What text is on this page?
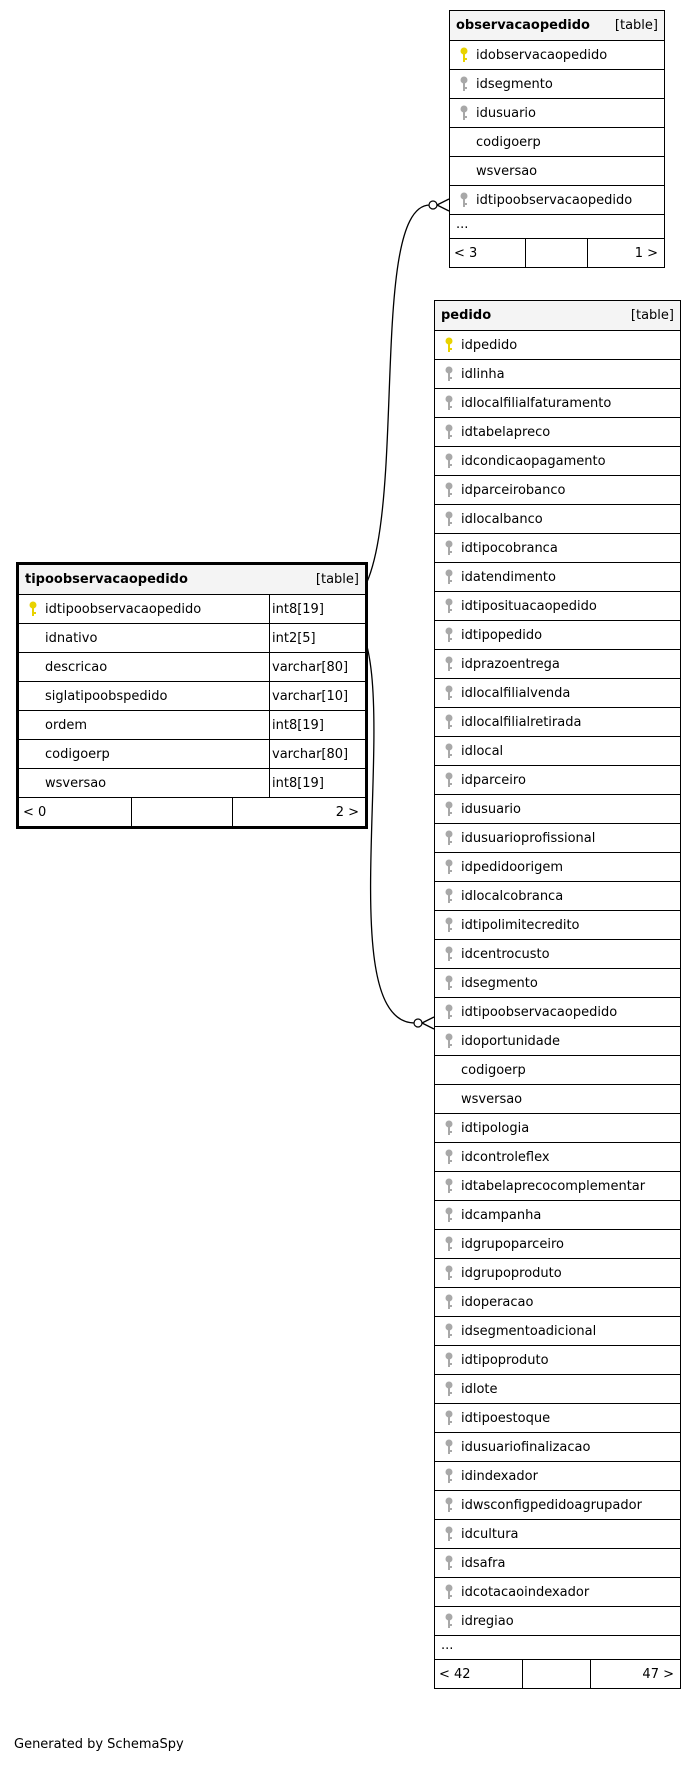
observacaopedido [table]
idobservacaopedido
idsegmento
idusuario
codigoerp
wsversao
idtipoobservacaopedido
...
< 3	1 >
pedido	[table]
idpedido
idlinha
idlocalfilialfaturamento
idtabelapreco
idcondicaopagamento
idparceirobanco
idlocalbanco
idtipocobranca
idatendimento
idtiposituacaopedido
idtipopedido
idprazoentrega
idlocalfilialvenda
idlocalfilialretirada
idlocal
idparceiro
idusuario
idusuarioprofissional
idpedidoorigem
idlocalcobranca
idtipolimitecredito
idcentrocusto
idsegmento
idtipoobservacaopedido
idoportunidade
codigoerp
wsversao
idtipologia
idcontroleflex
idtabelaprecocomplementar
idcampanha
idgrupoparceiro
idgrupoproduto
idoperacao
idsegmentoadicional
idtipoproduto
idlote
idtipoestoque
idusuariofinalizacao
idindexador
idwsconfigpedidoagrupador
idcultura
idsafra
idcotacaoindexador
idregiao
...
< 42	47 >
tipoobservacaopedido	[table]
idtipoobservacaopedido	int8[19]
idnativo	int2[5]
descricao	varchar[80]
siglatipoobspedido	varchar[10]
ordem	int8[19]
codigoerp	varchar[80]
wsversao	int8[19]
< 0	2 >
Generated by SchemaSpy
